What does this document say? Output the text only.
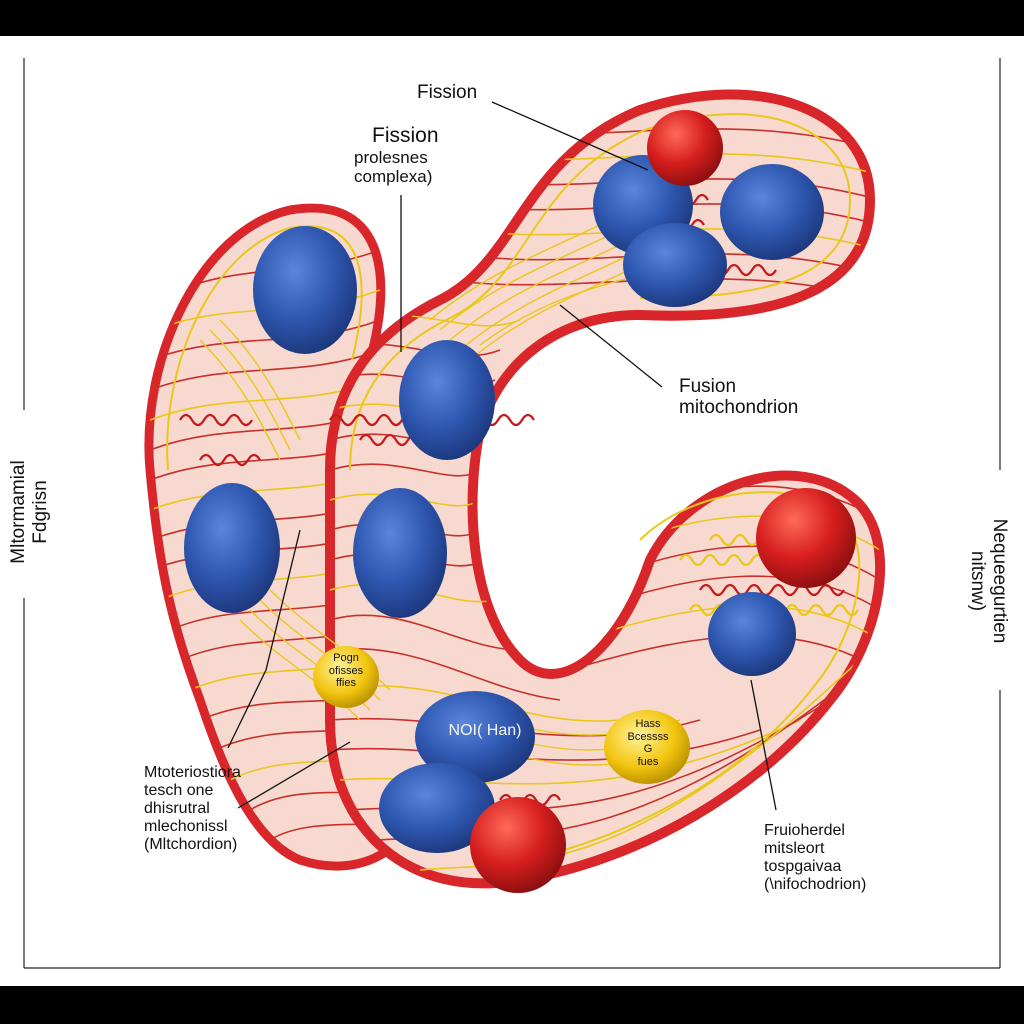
Fission
Fission
prolesnes
complexa)
Fusion
mitochondrion
Mtoteriostiora
tesch one
dhisrutral
mlechonissl
(Mltchordion)
Fruioherdel
mitsleort
tospgaivaa
(\nifochodrion)
Mltormamial Fdgrisn
Nequeegurtien
nitsnw)
NOI( Han)
Pogn
ofisses
ffies
Hass
Bcessss
G
fues
